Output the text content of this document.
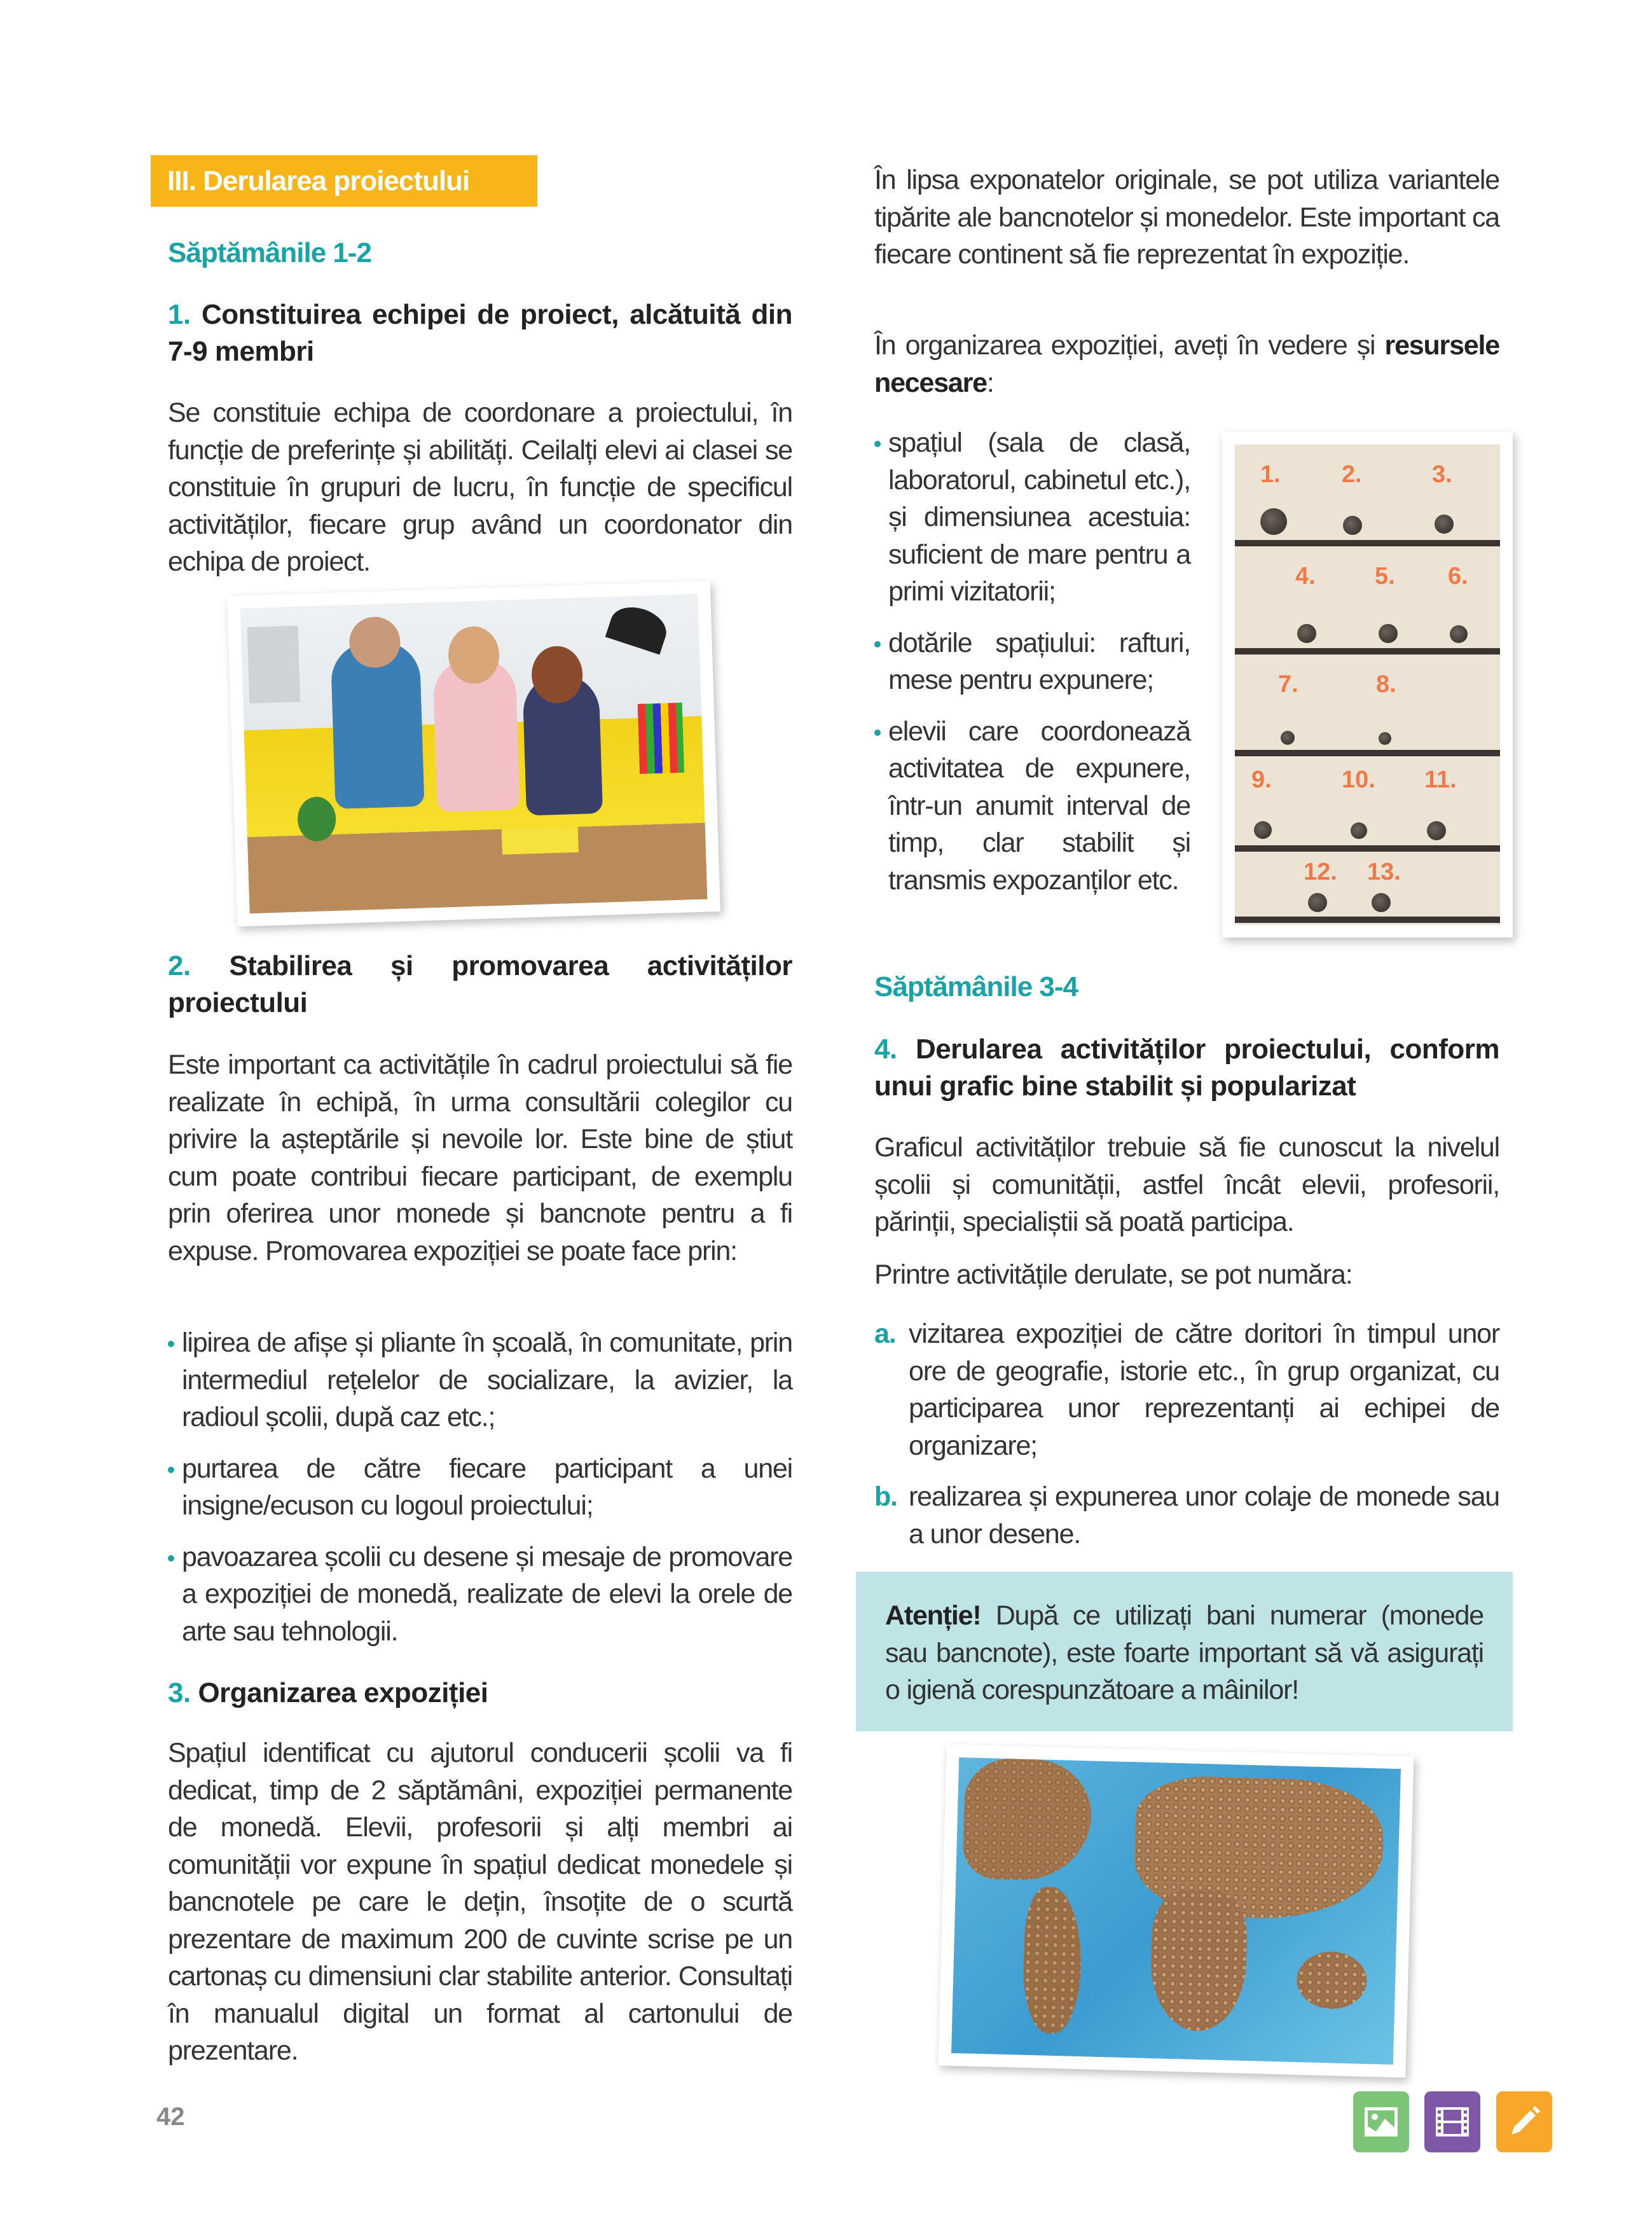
III. Derularea proiectului
Săptămânile 1-2
1. Constituirea echipei de proiect, alcătuită din 7-9 membri

Se constituie echipa de coordonare a proiectului, în funcție de preferințe și abilități. Ceilalți elevi ai clasei se constituie în grupuri de lucru, în funcție de specificul activităților, fiecare grup având un coordonator din echipa de proiect.

2. Stabilirea și promovarea activităților proiectului

Este important ca activitățile în cadrul proiectului să fie realizate în echipă, în urma consultării colegilor cu privire la așteptările și nevoile lor. Este bine de știut cum poate contribui fiecare participant, de exemplu prin oferirea unor monede și bancnote pentru a fi expuse. Promovarea expoziției se poate face prin:

lipirea de afișe și pliante în școală, în comunitate, prin intermediul rețelelor de socializare, la avizier, la radioul școlii, după caz etc.;
purtarea de către fiecare participant a unei insigne/ecuson cu logoul proiectului;
pavoazarea școlii cu desene și mesaje de promovare a expoziției de monedă, realizate de elevi la orele de arte sau tehnologii.
3. Organizarea expoziției

Spațiul identificat cu ajutorul conducerii școlii va fi dedicat, timp de 2 săptămâni, expoziției permanente de monedă. Elevii, profesorii și alți membri ai comunității vor expune în spațiul dedicat monedele și bancnotele pe care le dețin, însoțite de o scurtă prezentare de maximum 200 de cuvinte scrise pe un cartonaș cu dimensiuni clar stabilite anterior. Consultați în manualul digital un format al cartonului de prezentare.

42

În lipsa exponatelor originale, se pot utiliza variantele tipărite ale bancnotelor și monedelor. Este important ca fiecare continent să fie reprezentat în expoziție.

În organizarea expoziției, aveți în vedere și resursele necesare:

spațiul (sala de clasă, laboratorul, cabinetul etc.), și dimensiunea acestuia: suficient de mare pentru a primi vizitatorii;
dotările spațiului: rafturi, mese pentru expunere;
elevii care coordonează activitatea de expunere, într-un anumit interval de timp, clar stabilit și transmis expozanților etc.
1.	2.	3.
4. 5. 6.
7.	8.
9.	10. 11.
12. 13.
Săptămânile 3-4
4. Derularea activităților proiectului, conform unui grafic bine stabilit și popularizat

Graficul activităților trebuie să fie cunoscut la nivelul școlii și comunității, astfel încât elevii, profesorii, părinții, specialiștii să poată participa.

Printre activitățile derulate, se pot număra:

a. vizitarea expoziției de către doritori în timpul unor ore de geografie, istorie etc., în grup organizat, cu participarea unor reprezentanți ai echipei de organizare;
b. realizarea și expunerea unor colaje de monede sau a unor desene.
Atenție! După ce utilizați bani numerar (monede sau bancnote), este foarte important să vă asigurați o igienă corespunzătoare a mâinilor!
